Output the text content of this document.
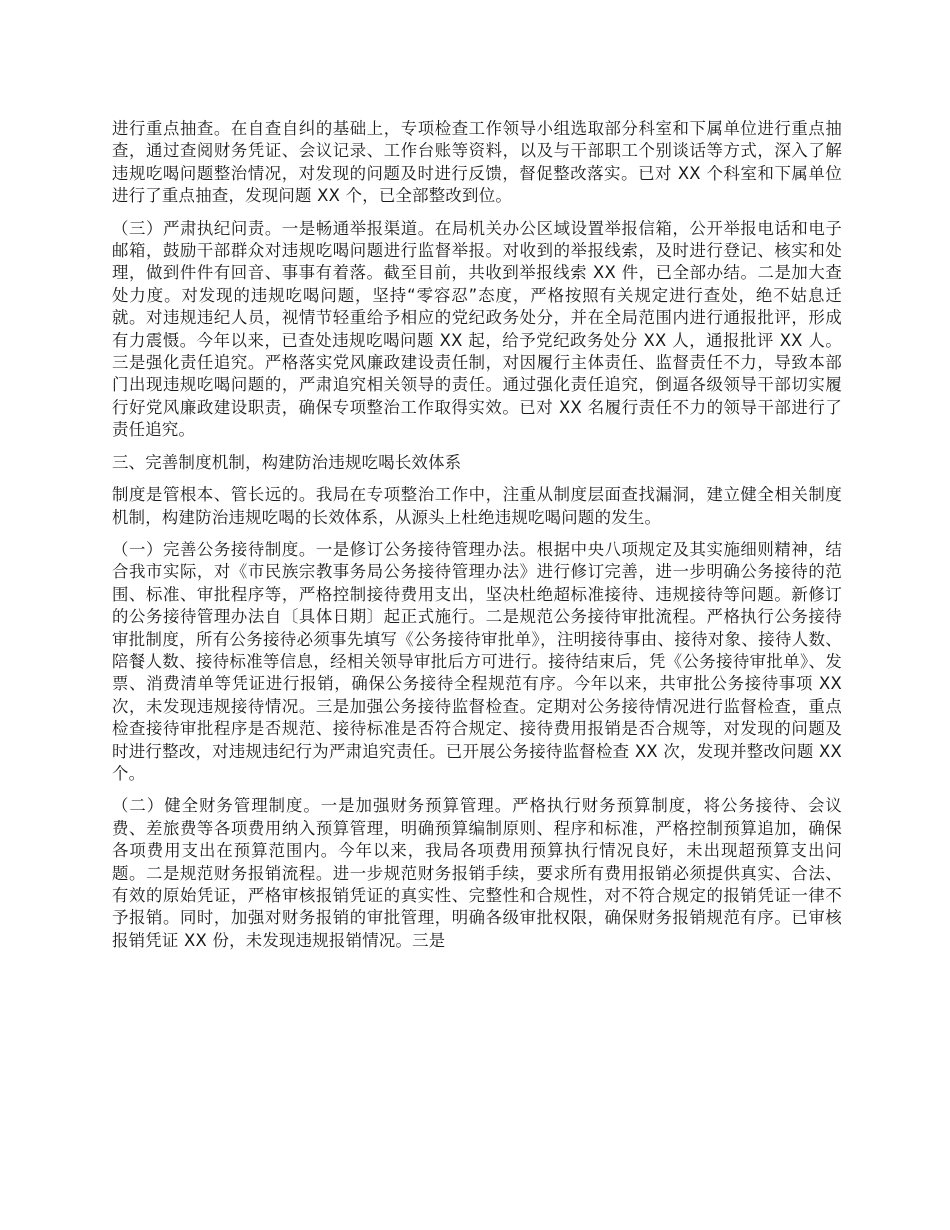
进行重点抽查。在自查自纠的基础上，专项检查工作领导小组选取部分科室和下属单位进行重点抽查，通过查阅财务凭证、会议记录、工作台账等资料，以及与干部职工个别谈话等方式，深入了解违规吃喝问题整治情况，对发现的问题及时进行反馈，督促整改落实。已对 XX 个科室和下属单位进行了重点抽查，发现问题 XX 个，已全部整改到位。

（三）严肃执纪问责。一是畅通举报渠道。在局机关办公区域设置举报信箱，公开举报电话和电子邮箱，鼓励干部群众对违规吃喝问题进行监督举报。对收到的举报线索，及时进行登记、核实和处理，做到件件有回音、事事有着落。截至目前，共收到举报线索 XX 件，已全部办结。二是加大查处力度。对发现的违规吃喝问题，坚持“零容忍”态度，严格按照有关规定进行查处，绝不姑息迁就。对违规违纪人员，视情节轻重给予相应的党纪政务处分，并在全局范围内进行通报批评，形成有力震慑。今年以来，已查处违规吃喝问题 XX 起，给予党纪政务处分 XX 人，通报批评 XX 人。三是强化责任追究。严格落实党风廉政建设责任制，对因履行主体责任、监督责任不力，导致本部门出现违规吃喝问题的，严肃追究相关领导的责任。通过强化责任追究，倒逼各级领导干部切实履行好党风廉政建设职责，确保专项整治工作取得实效。已对 XX 名履行责任不力的领导干部进行了责任追究。

三、完善制度机制，构建防治违规吃喝长效体系

制度是管根本、管长远的。我局在专项整治工作中，注重从制度层面查找漏洞，建立健全相关制度机制，构建防治违规吃喝的长效体系，从源头上杜绝违规吃喝问题的发生。

（一）完善公务接待制度。一是修订公务接待管理办法。根据中央八项规定及其实施细则精神，结合我市实际，对《市民族宗教事务局公务接待管理办法》进行修订完善，进一步明确公务接待的范围、标准、审批程序等，严格控制接待费用支出，坚决杜绝超标准接待、违规接待等问题。新修订的公务接待管理办法自〔具体日期〕起正式施行。二是规范公务接待审批流程。严格执行公务接待审批制度，所有公务接待必须事先填写《公务接待审批单》，注明接待事由、接待对象、接待人数、陪餐人数、接待标准等信息，经相关领导审批后方可进行。接待结束后，凭《公务接待审批单》、发票、消费清单等凭证进行报销，确保公务接待全程规范有序。今年以来，共审批公务接待事项 XX 次，未发现违规接待情况。三是加强公务接待监督检查。定期对公务接待情况进行监督检查，重点检查接待审批程序是否规范、接待标准是否符合规定、接待费用报销是否合规等，对发现的问题及时进行整改，对违规违纪行为严肃追究责任。已开展公务接待监督检查 XX 次，发现并整改问题 XX 个。

（二）健全财务管理制度。一是加强财务预算管理。严格执行财务预算制度，将公务接待、会议费、差旅费等各项费用纳入预算管理，明确预算编制原则、程序和标准，严格控制预算追加，确保各项费用支出在预算范围内。今年以来，我局各项费用预算执行情况良好，未出现超预算支出问题。二是规范财务报销流程。进一步规范财务报销手续，要求所有费用报销必须提供真实、合法、有效的原始凭证，严格审核报销凭证的真实性、完整性和合规性，对不符合规定的报销凭证一律不予报销。同时，加强对财务报销的审批管理，明确各级审批权限，确保财务报销规范有序。已审核报销凭证 XX 份，未发现违规报销情况。三是
